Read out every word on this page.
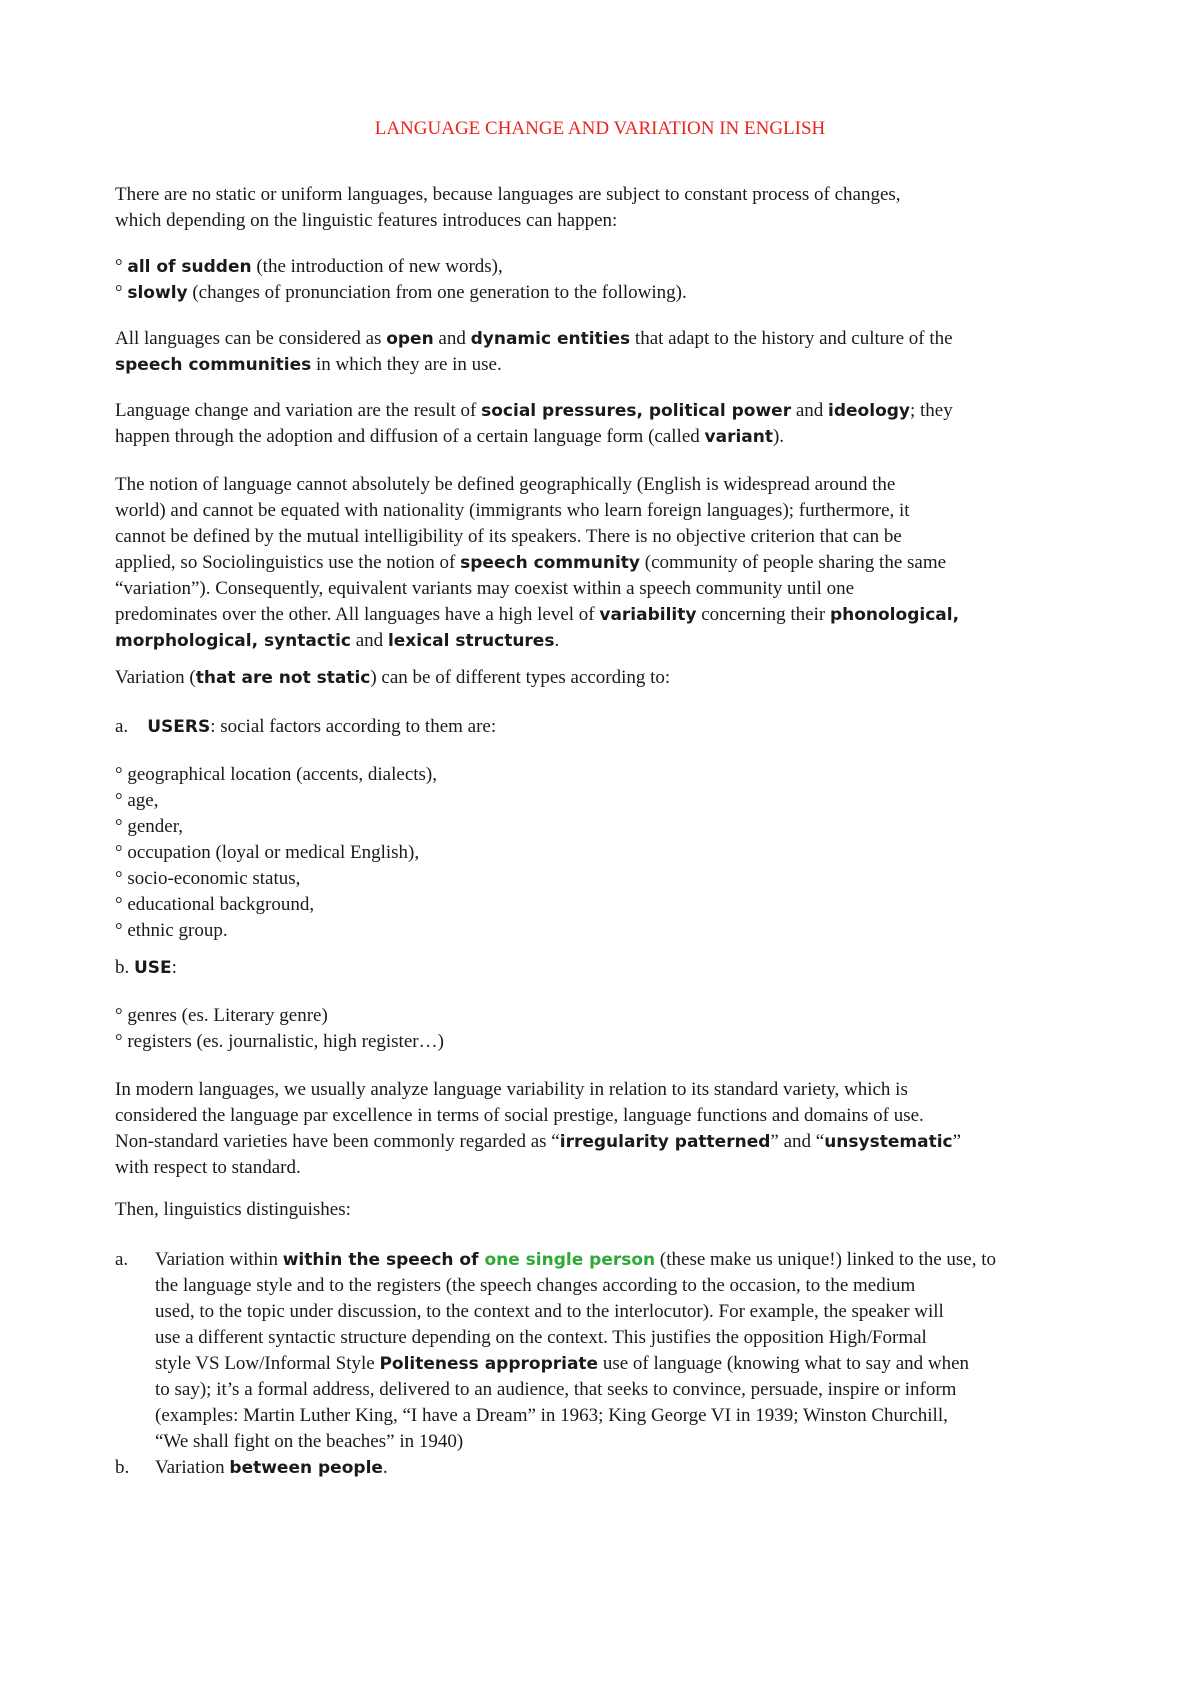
LANGUAGE CHANGE AND VARIATION IN ENGLISH
There are no static or uniform languages, because languages are subject to constant process of changes,
which depending on the linguistic features introduces can happen:
° all of sudden (the introduction of new words),
° slowly (changes of pronunciation from one generation to the following).
All languages can be considered as open and dynamic entities that adapt to the history and culture of the
speech communities in which they are in use.
Language change and variation are the result of social pressures, political power and ideology; they
happen through the adoption and diffusion of a certain language form (called variant).
The notion of language cannot absolutely be defined geographically (English is widespread around the
world) and cannot be equated with nationality (immigrants who learn foreign languages); furthermore, it
cannot be defined by the mutual intelligibility of its speakers. There is no objective criterion that can be
applied, so Sociolinguistics use the notion of speech community (community of people sharing the same
“variation”). Consequently, equivalent variants may coexist within a speech community until one
predominates over the other. All languages have a high level of variability concerning their phonological,
morphological, syntactic and lexical structures.
Variation (that are not static) can be of different types according to:
a. USERS: social factors according to them are:
° geographical location (accents, dialects),
° age,
° gender,
° occupation (loyal or medical English),
° socio-economic status,
° educational background,
° ethnic group.
b. USE:
° genres (es. Literary genre)
° registers (es. journalistic, high register…)
In modern languages, we usually analyze language variability in relation to its standard variety, which is
considered the language par excellence in terms of social prestige, language functions and domains of use.
Non-standard varieties have been commonly regarded as “irregularity patterned” and “unsystematic”
with respect to standard.
Then, linguistics distinguishes:
a. Variation within within the speech of one single person (these make us unique!) linked to the use, to
the language style and to the registers (the speech changes according to the occasion, to the medium
used, to the topic under discussion, to the context and to the interlocutor). For example, the speaker will
use a different syntactic structure depending on the context. This justifies the opposition High/Formal
style VS Low/Informal Style Politeness appropriate use of language (knowing what to say and when
to say); it’s a formal address, delivered to an audience, that seeks to convince, persuade, inspire or inform
(examples: Martin Luther King, “I have a Dream” in 1963; King George VI in 1939; Winston Churchill,
“We shall fight on the beaches” in 1940)
b. Variation between people.
